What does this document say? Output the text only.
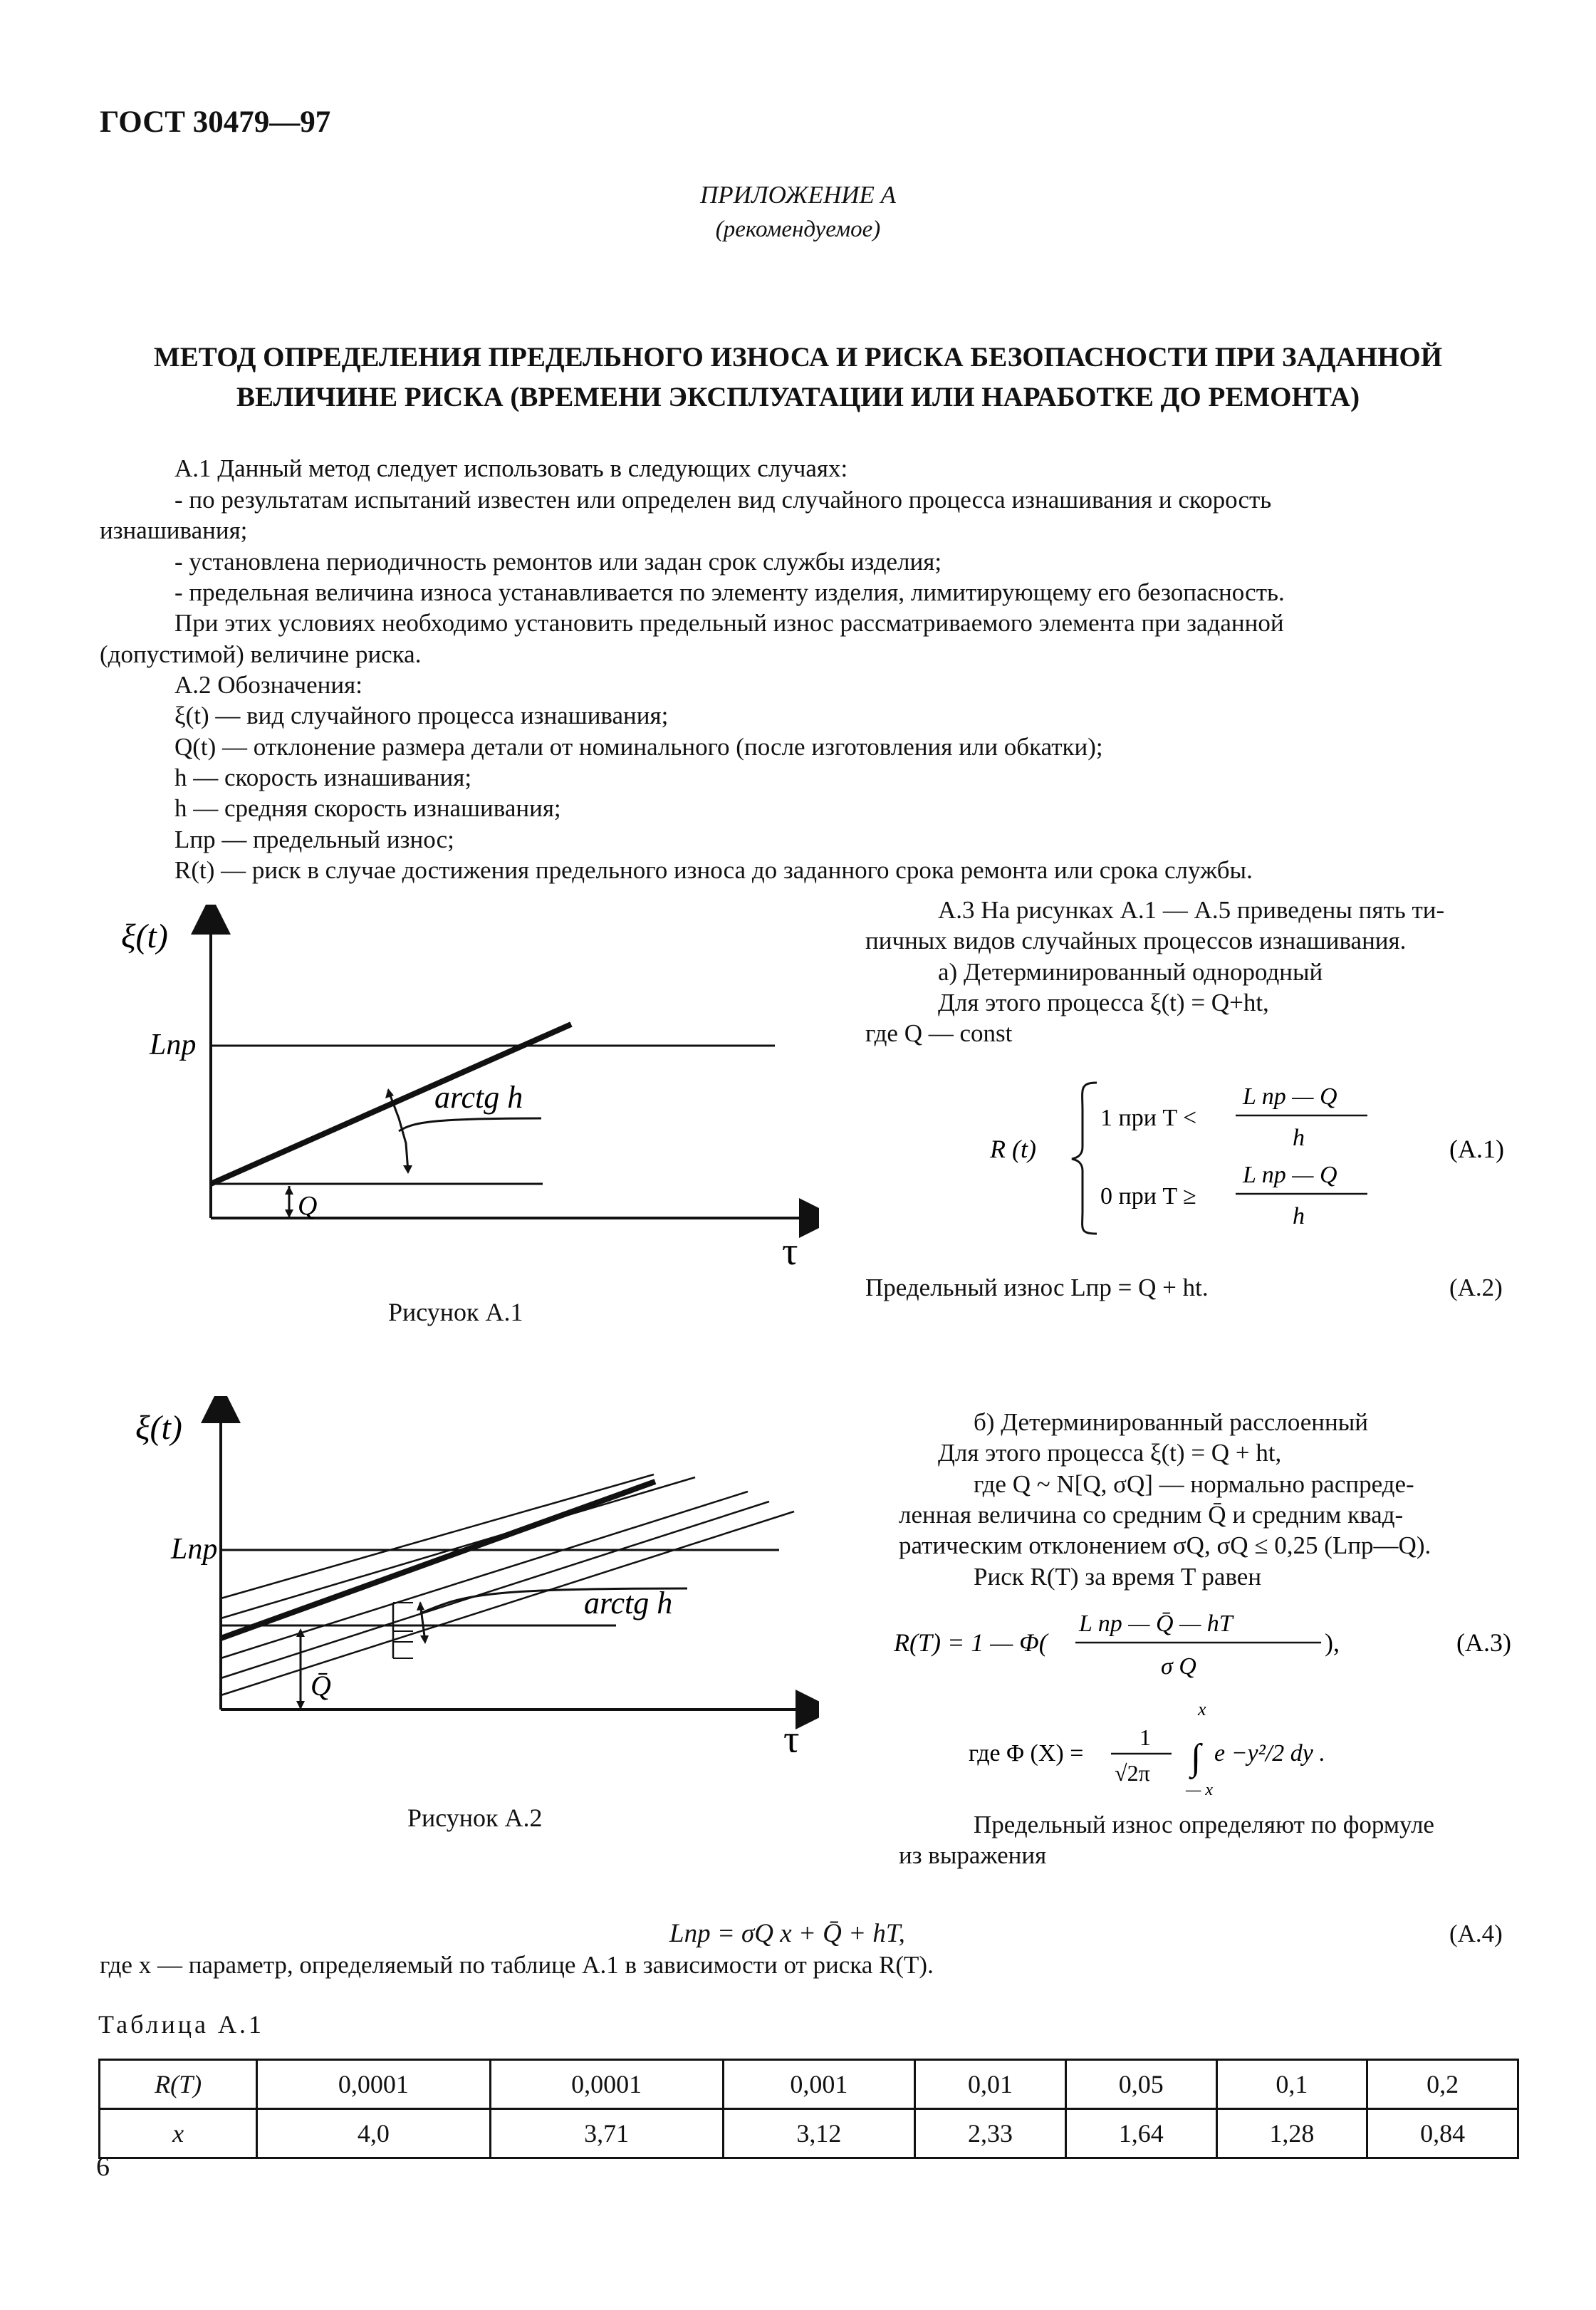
ГОСТ 30479—97
ПРИЛОЖЕНИЕ А
(рекомендуемое)
МЕТОД ОПРЕДЕЛЕНИЯ ПРЕДЕЛЬНОГО ИЗНОСА И РИСКА БЕЗОПАСНОСТИ ПРИ ЗАДАННОЙ
ВЕЛИЧИНЕ РИСКА (ВРЕМЕНИ ЭКСПЛУАТАЦИИ ИЛИ НАРАБОТКЕ ДО РЕМОНТА)
А.1 Данный метод следует использовать в следующих случаях:
- по результатам испытаний известен или определен вид случайного процесса изнашивания и скорость
изнашивания;
- установлена периодичность ремонтов или задан срок службы изделия;
- предельная величина износа устанавливается по элементу изделия, лимитирующему его безопасность.
При этих условиях необходимо установить предельный износ рассматриваемого элемента при заданной
(допустимой) величине риска.
А.2 Обозначения:
ξ(t) — вид случайного процесса изнашивания;
Q(t) — отклонение размера детали от номинального (после изготовления или обкатки);
h — скорость изнашивания;
h — средняя скорость изнашивания;
Lпр — предельный износ;
R(t) — риск в случае достижения предельного износа до заданного срока ремонта или срока службы.
А.3 На рисунках А.1 — А.5 приведены пять ти-
пичных видов случайных процессов изнашивания.
а) Детерминированный однородный
Для этого процесса ξ(t) = Q+ht,
где Q — const
R (t)
1 при T <
L пр — Q
h
0 при T ≥
L пр — Q
h
(А.1)
Предельный износ Lпр = Q + ht.	(А.2)
ξ(t)
Lпр
arctg h
Q
τ
Рисунок А.1
ξ(t)
Lпр
arctg h
Q̄
τ
Рисунок А.2
б) Детерминированный расслоенный
Для этого процесса ξ(t) = Q + ht,
где Q ~ N[Q, σQ] — нормально распреде-
ленная величина со средним Q̄ и средним квад-
ратическим отклонением σQ, σQ ≤ 0,25 (Lпр—Q).
Риск R(T) за время T равен
R(T) = 1 — Φ(
L пр — Q̄ — hT
σ Q
),	(А.3)
где Φ (X) =
1
√2π
x
∫
— x
e −y²/2 dy .
Предельный износ определяют по формуле
из выражения
Lпр = σQ x + Q̄ + hT,	(А.4)
где x — параметр, определяемый по таблице А.1 в зависимости от риска R(T).
Таблица А.1
R(T)	0,0001	0,0001	0,001	0,01	0,05	0,1	0,2
x	4,0	3,71	3,12	2,33	1,64	1,28	0,84
6
